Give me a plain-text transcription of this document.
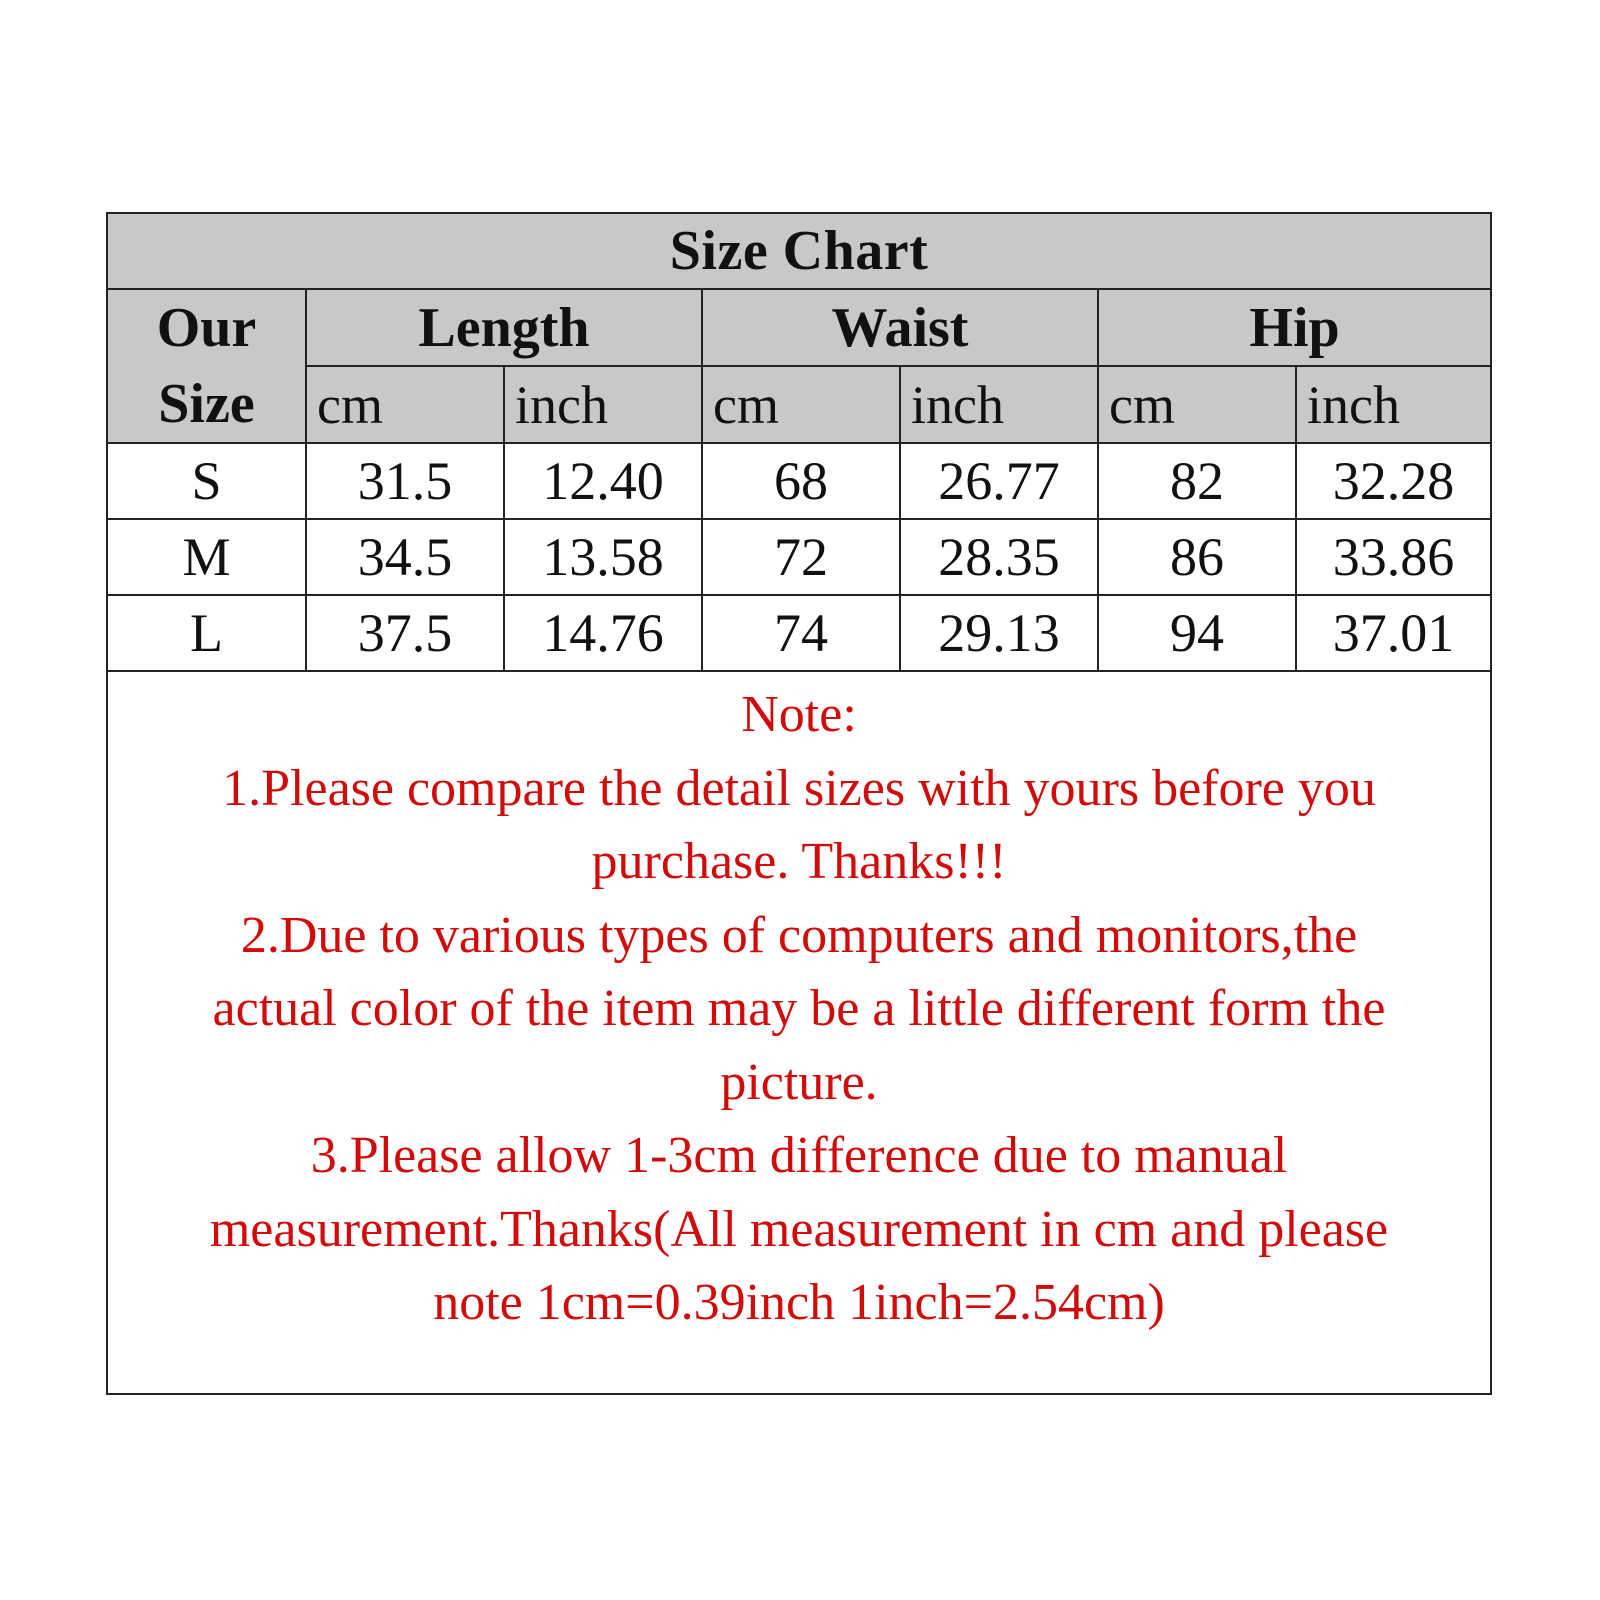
Size Chart						
Our
Size	Length		Waist		Hip	
	cm	inch	cm	inch	cm	inch
S	31.5	12.40	68	26.77	82	32.28
M	34.5	13.58	72	28.35	86	33.86
L	37.5	14.76	74	29.13	94	37.01

Note:

1.Please compare the detail sizes with yours before you

purchase. Thanks!!!

2.Due to various types of computers and monitors,the

actual color of the item may be a little different form the

picture.

3.Please allow 1-3cm difference due to manual

measurement.Thanks(All measurement in cm and please

note 1cm=0.39inch 1inch=2.54cm)
